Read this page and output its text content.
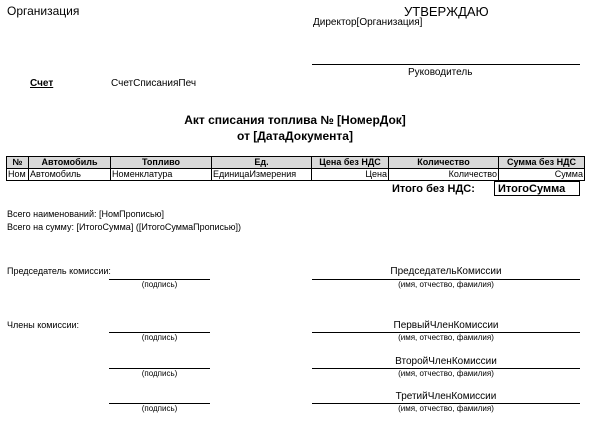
Организация	УТВЕРЖДАЮ
Директор[Организация]
Руководитель
Счет	СчетСписанияПеч
Акт списания топлива № [НомерДок]
от [ДатаДокумента]
№	Автомобиль	Топливо	Ед.	Цена без НДС	Количество	Сумма без НДС
Ном	Автомобиль	Номенклатура	ЕдиницаИзмерения	Цена	Количество	Сумма
Итого без НДС:	ИтогоСумма
Всего наименований: [НомПрописью]
Всего на сумму: [ИтогоСумма] ([ИтогоСуммаПрописью])
Председатель комиссии:	ПредседательКомиссии
(подпись)	(имя, отчество, фамилия)
Члены комиссии:	ПервыйЧленКомиссии
(подпись)	(имя, отчество, фамилия)
ВторойЧленКомиссии
(подпись)	(имя, отчество, фамилия)
ТретийЧленКомиссии
(подпись)	(имя, отчество, фамилия)
